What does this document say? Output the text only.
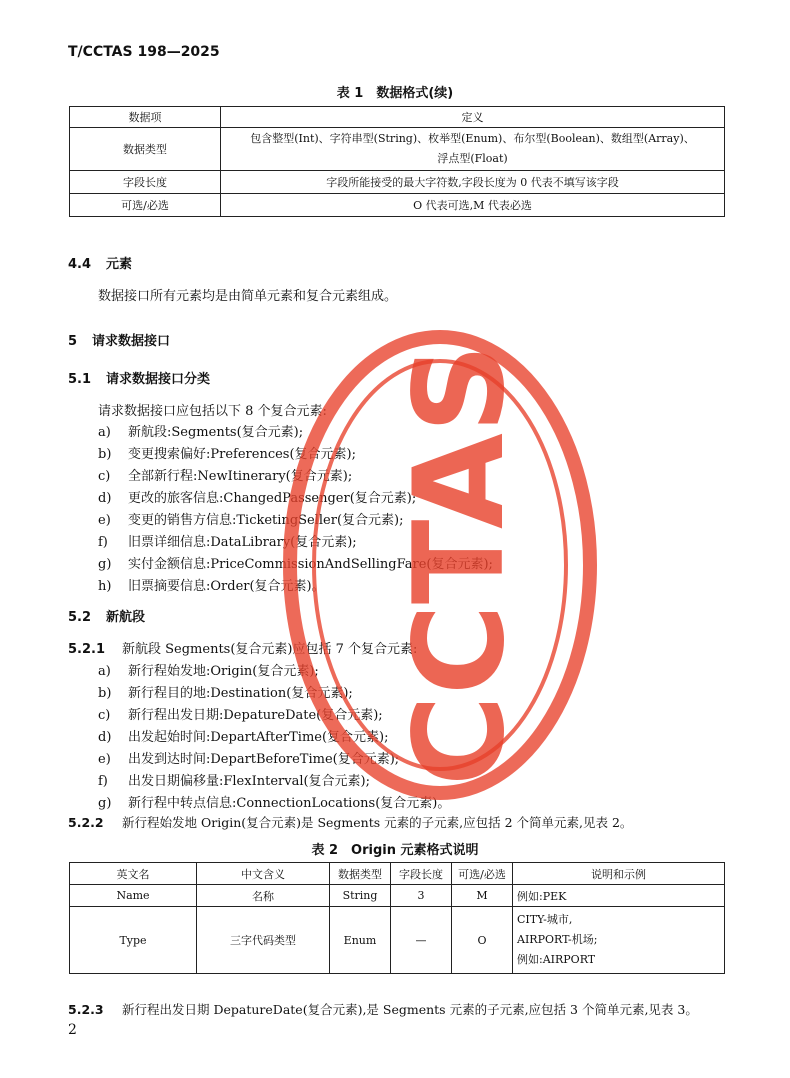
T/CCTAS 198—2025
表 1　数据格式(续)
数据项	定义
数据类型	包含整型(Int)、字符串型(String)、枚举型(Enum)、布尔型(Boolean)、数组型(Array)、
浮点型(Float)

字段长度	字段所能接受的最大字符数,字段长度为 0 代表不填写该字段
可选/必选	O 代表可选,M 代表必选
4.4 元素
数据接口所有元素均是由简单元素和复合元素组成。
5 请求数据接口
5.1 请求数据接口分类
请求数据接口应包括以下 8 个复合元素:
a) 新航段:Segments(复合元素);
b) 变更搜索偏好:Preferences(复合元素);
c) 全部新行程:NewItinerary(复合元素);
d) 更改的旅客信息:ChangedPassenger(复合元素);
e) 变更的销售方信息:TicketingSeller(复合元素);
f) 旧票详细信息:DataLibrary(复合元素);
g) 实付金额信息:PriceCommissionAndSellingFare(复合元素);
h) 旧票摘要信息:Order(复合元素)。
5.2 新航段
5.2.1 新航段 Segments(复合元素)应包括 7 个复合元素:
a) 新行程始发地:Origin(复合元素);
b) 新行程目的地:Destination(复合元素);
c) 新行程出发日期:DepatureDate(复合元素);
d) 出发起始时间:DepartAfterTime(复合元素);
e) 出发到达时间:DepartBeforeTime(复合元素);
f) 出发日期偏移量:FlexInterval(复合元素);
g) 新行程中转点信息:ConnectionLocations(复合元素)。
5.2.2 新行程始发地 Origin(复合元素)是 Segments 元素的子元素,应包括 2 个简单元素,见表 2。
表 2　Origin 元素格式说明
英文名	中文含义	数据类型	字段长度	可选/必选	说明和示例
Name	名称	String	3	M	例如:PEK
Type	三字代码类型	Enum	—	O	CITY-城市,
AIRPORT-机场;
例如:AIRPORT
5.2.3 新行程出发日期 DepatureDate(复合元素),是 Segments 元素的子元素,应包括 3 个简单元素,见表 3。
2
CCTAS
